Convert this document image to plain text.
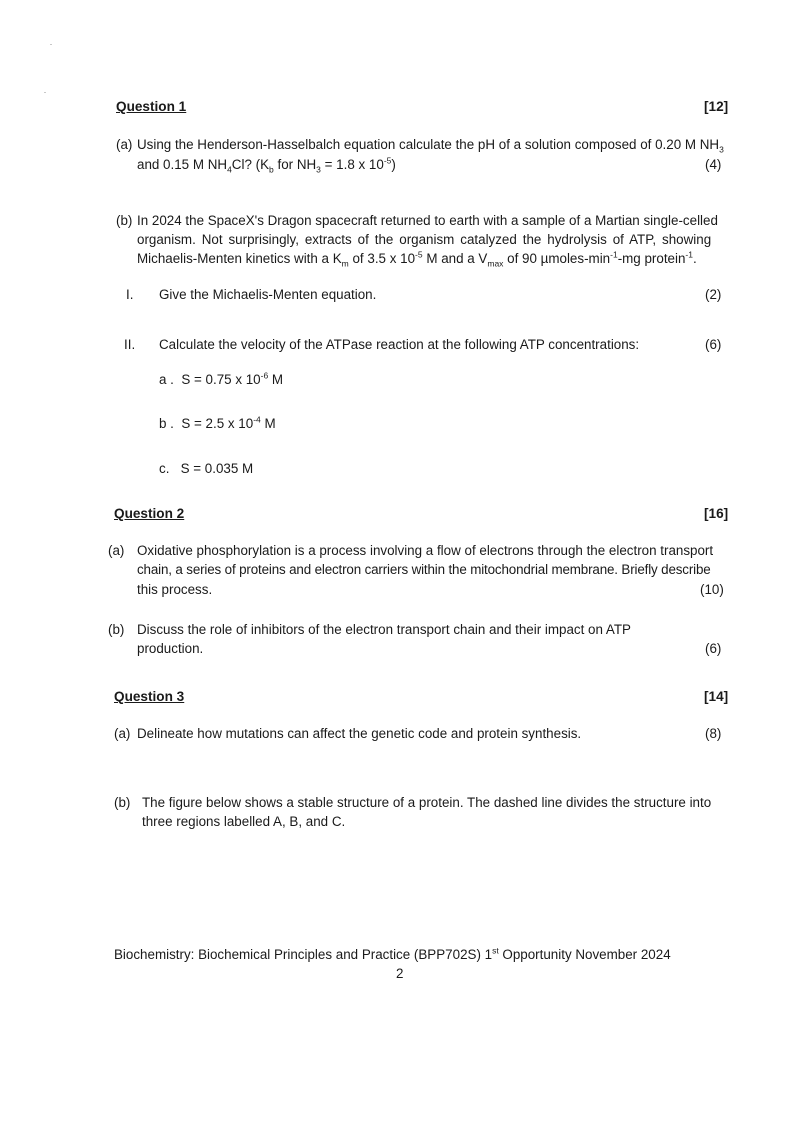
Question 1	[12]
(a) Using the Henderson-Hasselbalch equation calculate the pH of a solution composed of 0.20 M $NH_3$
and 0.15 M $NH_4Cl$? ($K_b$ for $NH_3 = 1.8$ x $10^{-5}$)	(4)
(b) In 2024 the SpaceX's Dragon spacecraft returned to earth with a sample of a Martian single-celled
organism. Not surprisingly, extracts of the organism catalyzed the hydrolysis of ATP, showing
Michaelis-Menten kinetics with a $K_m$ of 3.5 x $10^{-5}$ M and a $V_{max}$ of 90 µmoles-$\min^{-1}-mg$ protein$^{-1}$.
I. Give the Michaelis-Menten equation.	(2)
II. Calculate the velocity of the ATPase reaction at the following ATP concentrations:	(6)
a . S = 0.75 x $10^{-6}$ M
b . S = 2.5 x $10^{-4}$ M
c. S = 0.035 M
Question 2	[16]
(a) Oxidative phosphorylation is a process involving a flow of electrons through the electron transport
chain, a series of proteins and electron carriers within the mitochondrial membrane. Briefly describe
this process.	(10)
(b) Discuss the role of inhibitors of the electron transport chain and their impact on ATP
production.	(6)
Question 3	[14]
(a) Delineate how mutations can affect the genetic code and protein synthesis.	(8)
(b) The figure below shows a stable structure of a protein. The dashed line divides the structure into
three regions labelled A, B, and C.
Biochemistry: Biochemical Principles and Practice (BPP702S) 1st Opportunity November 2024
2
